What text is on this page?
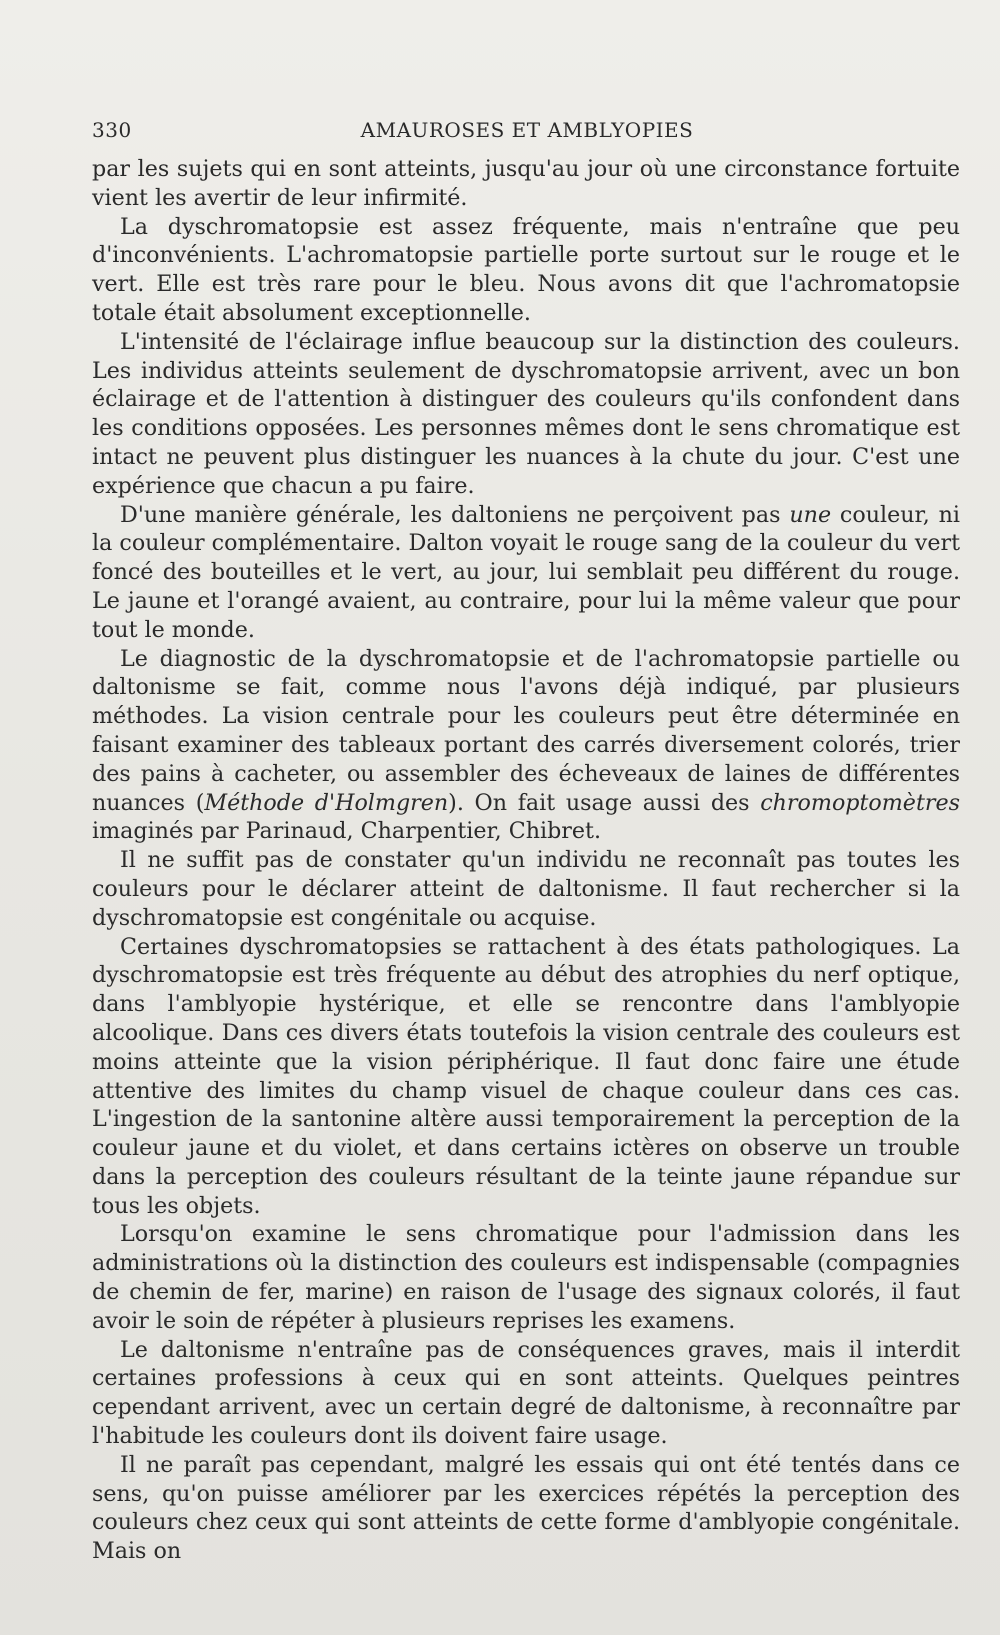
330	AMAUROSES ET AMBLYOPIES

par les sujets qui en sont atteints, jusqu'au jour où une circonstance fortuite vient les avertir de leur infirmité.

La dyschromatopsie est assez fréquente, mais n'entraîne que peu d'inconvénients. L'achromatopsie partielle porte surtout sur le rouge et le vert. Elle est très rare pour le bleu. Nous avons dit que l'achromatopsie totale était absolument exceptionnelle.

L'intensité de l'éclairage influe beaucoup sur la distinction des couleurs. Les individus atteints seulement de dyschromatopsie arrivent, avec un bon éclairage et de l'attention à distinguer des couleurs qu'ils confondent dans les conditions opposées. Les personnes mêmes dont le sens chromatique est intact ne peuvent plus distinguer les nuances à la chute du jour. C'est une expérience que chacun a pu faire.

D'une manière générale, les daltoniens ne perçoivent pas une couleur, ni la couleur complémentaire. Dalton voyait le rouge sang de la couleur du vert foncé des bouteilles et le vert, au jour, lui semblait peu différent du rouge. Le jaune et l'orangé avaient, au contraire, pour lui la même valeur que pour tout le monde.

Le diagnostic de la dyschromatopsie et de l'achromatopsie partielle ou daltonisme se fait, comme nous l'avons déjà indiqué, par plusieurs méthodes. La vision centrale pour les couleurs peut être déterminée en faisant examiner des tableaux portant des carrés diversement colorés, trier des pains à cacheter, ou assembler des écheveaux de laines de différentes nuances (Méthode d'Holmgren). On fait usage aussi des chromoptomètres imaginés par Parinaud, Charpentier, Chibret.

Il ne suffit pas de constater qu'un individu ne reconnaît pas toutes les couleurs pour le déclarer atteint de daltonisme. Il faut rechercher si la dyschromatopsie est congénitale ou acquise.

Certaines dyschromatopsies se rattachent à des états pathologiques. La dyschromatopsie est très fréquente au début des atrophies du nerf optique, dans l'amblyopie hystérique, et elle se rencontre dans l'amblyopie alcoolique. Dans ces divers états toutefois la vision centrale des couleurs est moins atteinte que la vision périphérique. Il faut donc faire une étude attentive des limites du champ visuel de chaque couleur dans ces cas. L'ingestion de la santonine altère aussi temporairement la perception de la couleur jaune et du violet, et dans certains ictères on observe un trouble dans la perception des couleurs résultant de la teinte jaune répandue sur tous les objets.

Lorsqu'on examine le sens chromatique pour l'admission dans les administrations où la distinction des couleurs est indispensable (compagnies de chemin de fer, marine) en raison de l'usage des signaux colorés, il faut avoir le soin de répéter à plusieurs reprises les examens.

Le daltonisme n'entraîne pas de conséquences graves, mais il interdit certaines professions à ceux qui en sont atteints. Quelques peintres cependant arrivent, avec un certain degré de daltonisme, à reconnaître par l'habitude les couleurs dont ils doivent faire usage.

Il ne paraît pas cependant, malgré les essais qui ont été tentés dans ce sens, qu'on puisse améliorer par les exercices répétés la perception des couleurs chez ceux qui sont atteints de cette forme d'amblyopie congénitale. Mais on
